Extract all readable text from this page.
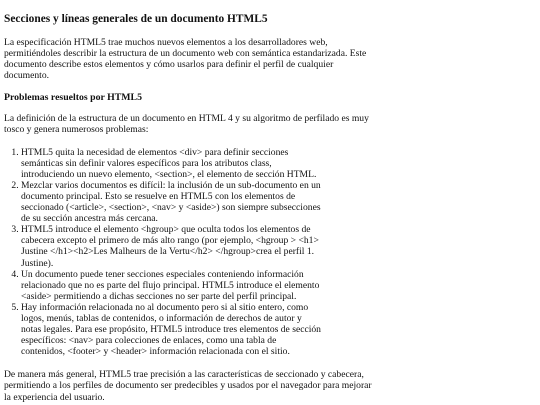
Secciones y líneas generales de un documento HTML5

La especificación HTML5 trae muchos nuevos elementos a los desarrolladores web, permitiéndoles describir la estructura de un documento web con semántica estandarizada. Este documento describe estos elementos y cómo usarlos para definir el perfil de cualquier documento.

Problemas resueltos por HTML5

La definición de la estructura de un documento en HTML 4 y su algoritmo de perfilado es muy tosco y genera numerosos problemas:

1. HTML5 quita la necesidad de elementos <div> para definir secciones semánticas sin definir valores específicos para los atributos class, introduciendo un nuevo elemento, <section>, el elemento de sección HTML.
2. Mezclar varios documentos es difícil: la inclusión de un sub-documento en un documento principal. Esto se resuelve en HTML5 con los elementos de seccionado (<article>, <section>, <nav> y <aside>) son siempre subsecciones de su sección ancestra más cercana.
3. HTML5 introduce el elemento <hgroup> que oculta todos los elementos de cabecera excepto el primero de más alto rango (por ejemplo, <hgroup > <h1> Justine </h1><h2>Les Malheurs de la Vertu</h2> </hgroup>crea el perfil 1. Justine).
4. Un documento puede tener secciones especiales conteniendo información relacionado que no es parte del flujo principal. HTML5 introduce el elemento <aside> permitiendo a dichas secciones no ser parte del perfil principal.
5. Hay información relacionada no al documento pero si al sitio entero, como logos, menús, tablas de contenidos, o información de derechos de autor y notas legales. Para ese propósito, HTML5 introduce tres elementos de sección específicos: <nav> para colecciones de enlaces, como una tabla de contenidos, <footer> y <header> información relacionada con el sitio.

De manera más general, HTML5 trae precisión a las características de seccionado y cabecera, permitiendo a los perfiles de documento ser predecibles y usados por el navegador para mejorar la experiencia del usuario.
